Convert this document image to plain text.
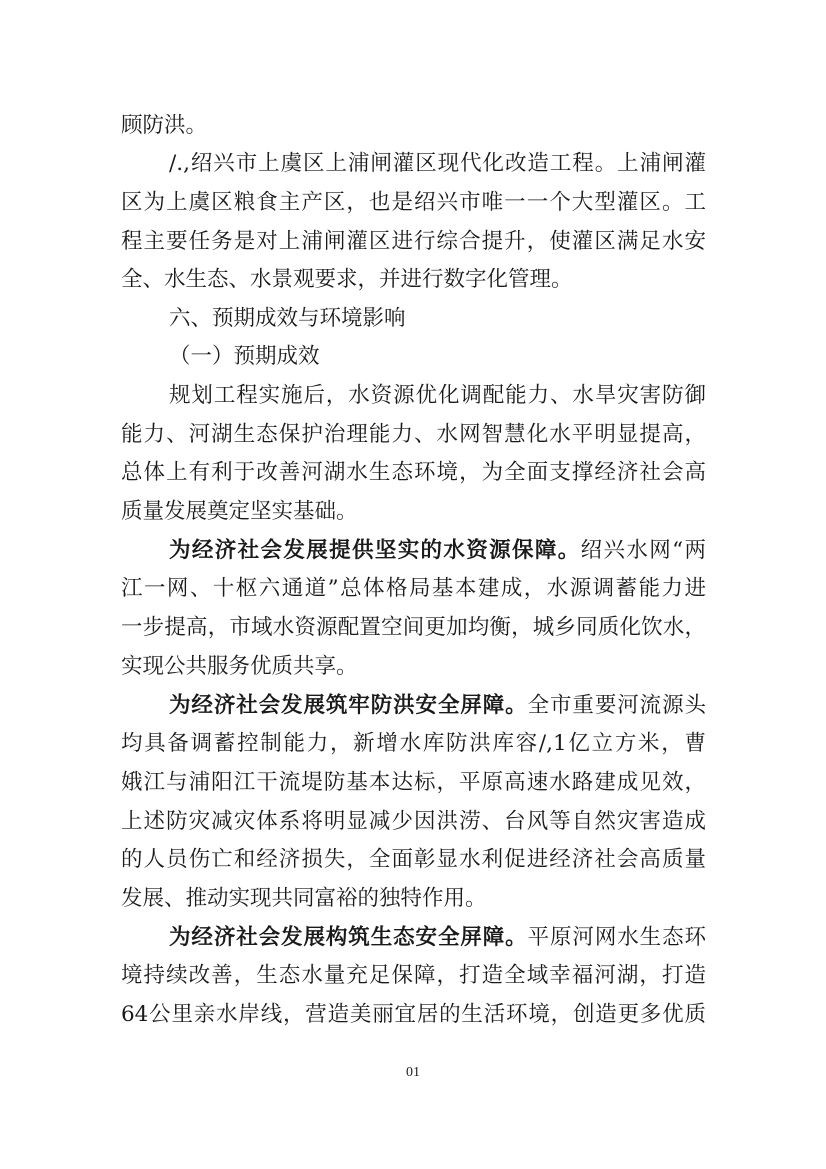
顾防洪。
/.,绍兴市上虞区上浦闸灌区现代化改造工程。上浦闸灌
区为上虞区粮食主产区，也是绍兴市唯一一个大型灌区。工
程主要任务是对上浦闸灌区进行综合提升，使灌区满足水安
全、水生态、水景观要求，并进行数字化管理。
六、预期成效与环境影响
（一）预期成效
规划工程实施后，水资源优化调配能力、水旱灾害防御
能力、河湖生态保护治理能力、水网智慧化水平明显提高，
总体上有利于改善河湖水生态环境，为全面支撑经济社会高
质量发展奠定坚实基础。
为经济社会发展提供坚实的水资源保障。绍兴水网“两
江一网、十枢六通道”总体格局基本建成，水源调蓄能力进
一步提高，市域水资源配置空间更加均衡，城乡同质化饮水，
实现公共服务优质共享。
为经济社会发展筑牢防洪安全屏障。全市重要河流源头
均具备调蓄控制能力，新增水库防洪库容/,1亿立方米，曹
娥江与浦阳江干流堤防基本达标，平原高速水路建成见效，
上述防灾减灾体系将明显减少因洪涝、台风等自然灾害造成
的人员伤亡和经济损失，全面彰显水利促进经济社会高质量
发展、推动实现共同富裕的独特作用。
为经济社会发展构筑生态安全屏障。平原河网水生态环
境持续改善，生态水量充足保障，打造全域幸福河湖，打造
64公里亲水岸线，营造美丽宜居的生活环境，创造更多优质
01
